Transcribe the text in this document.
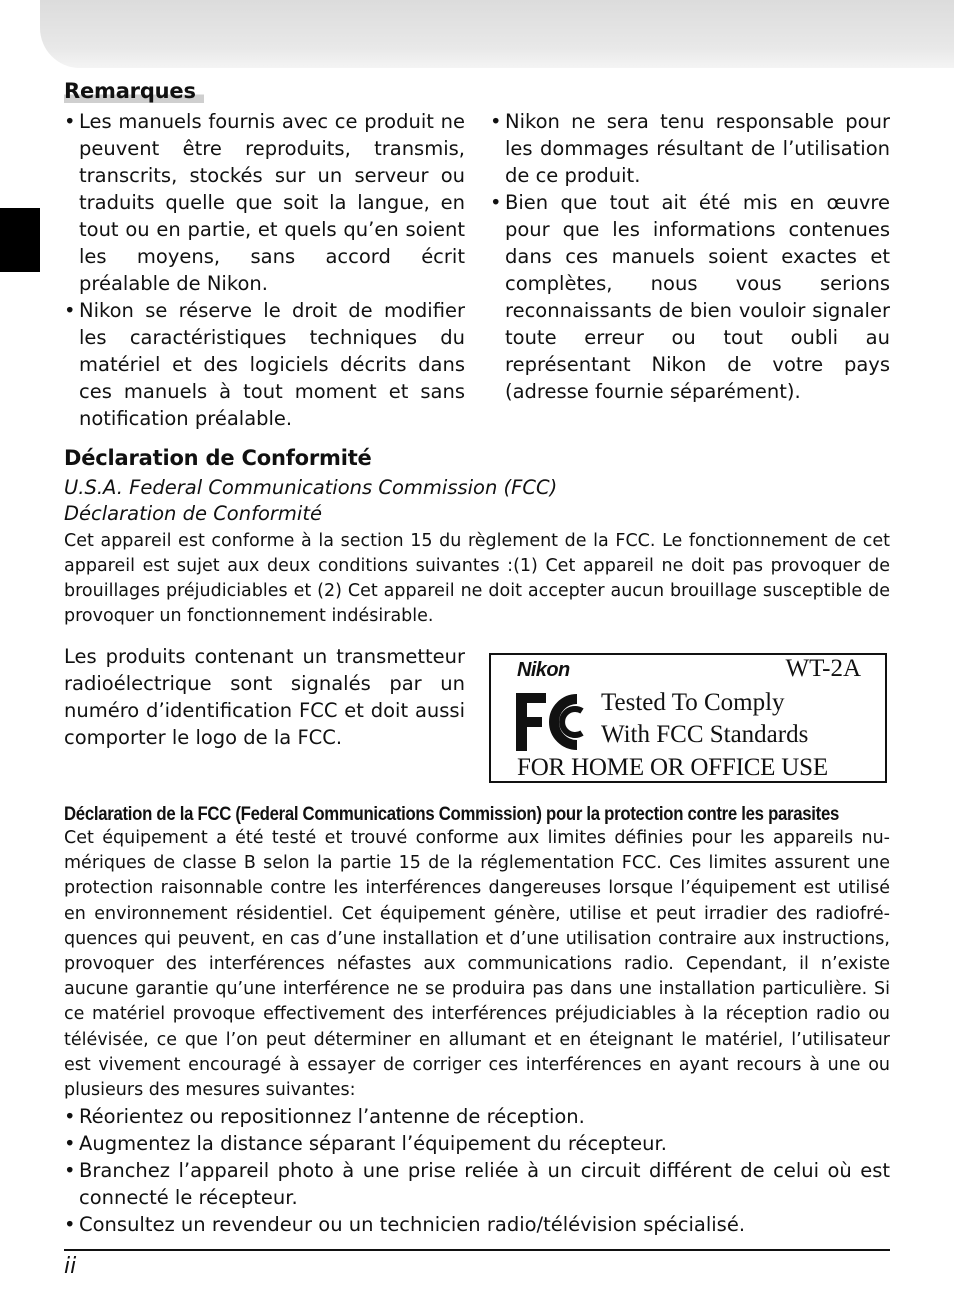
Remarques
• Les manuels fournis avec ce produit ne peuvent être reproduits, transmis, transcrits, stockés sur un serveur ou traduits quelle que soit la langue, en tout ou en partie, et quels qu’en soient les moyens, sans accord écrit préalable de Nikon.
• Nikon se réserve le droit de modifier les caractéristiques techniques du matériel et des logiciels décrits dans ces manuels à tout moment et sans notification préalable.
• Nikon ne sera tenu responsable pour les dommages résultant de l’utilisation de ce produit.
• Bien que tout ait été mis en œuvre pour que les informations contenues dans ces manuels soient exactes et complètes, nous vous serions reconnaissants de bien vouloir signaler toute erreur ou tout oubli au représentant Nikon de votre pays (adresse fournie séparément).
Déclaration de Conformité
U.S.A. Federal Communications Commission (FCC)
Déclaration de Conformité
Cet appareil est conforme à la section 15 du règlement de la FCC. Le fonctionnement de cet appareil est sujet aux deux conditions suivantes :(1) Cet appareil ne doit pas provoquer de brouillages préjudiciables et (2) Cet appareil ne doit accepter aucun brouillage susceptible de provoquer un fonctionnement indésirable.
Les produits contenant un transmetteur radioélectrique sont signalés par un numéro d’identification FCC et doit aussi comporter le logo de la FCC.
Nikon	WT-2A
Tested To Comply
With FCC Standards
FOR HOME OR OFFICE USE
Déclaration de la FCC (Federal Communications Commission) pour la protection contre les parasites
Cet équipement a été testé et trouvé conforme aux limites définies pour les appareils numériques de classe B selon la partie 15 de la réglementation FCC. Ces limites assurent une protection raisonnable contre les interférences dangereuses lorsque l’équipement est utilisé en environnement résidentiel. Cet équipement génère, utilise et peut irradier des radiofréquences qui peuvent, en cas d’une installation et d’une utilisation contraire aux instructions, provoquer des interférences néfastes aux communications radio. Cependant, il n’existe aucune garantie qu’une interférence ne se produira pas dans une installation particulière. Si ce matériel provoque effectivement des interférences préjudiciables à la réception radio ou télévisée, ce que l’on peut déterminer en allumant et en éteignant le matériel, l’utilisateur est vivement encouragé à essayer de corriger ces interférences en ayant recours à une ou plusieurs des mesures suivantes:
• Réorientez ou repositionnez l’antenne de réception.
• Augmentez la distance séparant l’équipement du récepteur.
• Branchez l’appareil photo à une prise reliée à un circuit différent de celui où est connecté le récepteur.
• Consultez un revendeur ou un technicien radio/télévision spécialisé.
ii
